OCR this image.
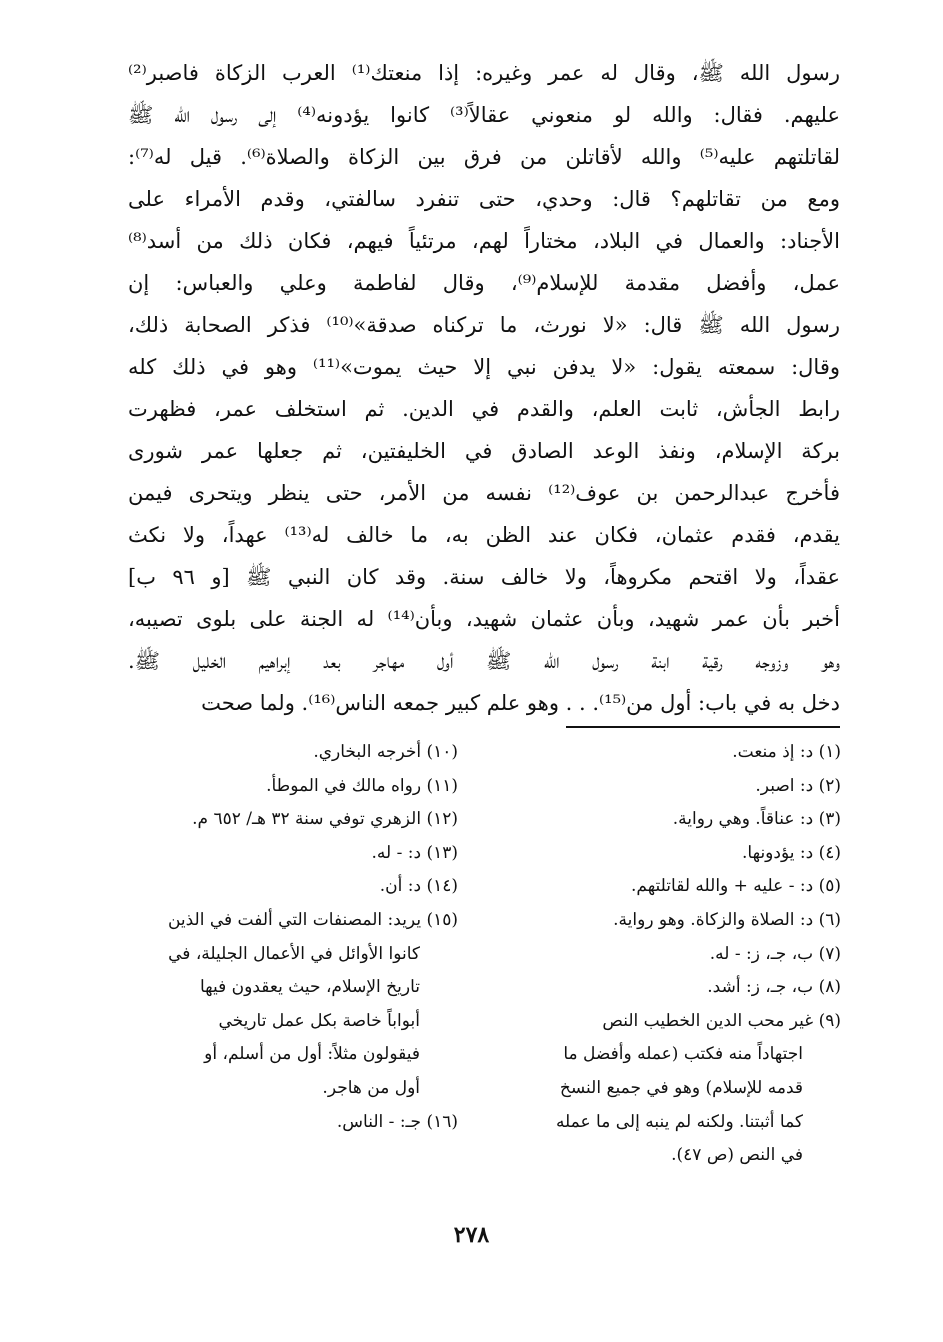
رسول الله ﷺ، وقال له عمر وغيره: إذا منعتك⁽¹⁾ العرب الزكاة فاصبر⁽²⁾
عليهم. فقال: والله لو منعوني عقالاً⁽³⁾ كانوا يؤدونه⁽⁴⁾ إلى رسول الله ﷺ
لقاتلتهم عليه⁽⁵⁾ والله لأقاتلن من فرق بين الزكاة والصلاة⁽⁶⁾. قيل له⁽⁷⁾:
ومع من تقاتلهم؟ قال: وحدي، حتى تنفرد سالفتي، وقدم الأمراء على
الأجناد: والعمال في البلاد، مختاراً لهم، مرتئياً فيهم، فكان ذلك من أسد⁽⁸⁾
عمل، وأفضل مقدمة للإسلام⁽⁹⁾، وقال لفاطمة وعلي والعباس: إن
رسول الله ﷺ قال: «لا نورث، ما تركناه صدقة»⁽¹⁰⁾ فذكر الصحابة ذلك،
وقال: سمعته يقول: «لا يدفن نبي إلا حيث يموت»⁽¹¹⁾ وهو في ذلك كله
رابط الجأش، ثابت العلم، والقدم في الدين. ثم استخلف عمر، فظهرت
بركة الإسلام، ونفذ الوعد الصادق في الخليفتين، ثم جعلها عمر شورى
فأخرج عبدالرحمن بن عوف⁽¹²⁾ نفسه من الأمر، حتى ينظر ويتحرى فيمن
يقدم، فقدم عثمان، فكان عند الظن به، ما خالف له⁽¹³⁾ عهداً، ولا نكث
عقداً، ولا اقتحم مكروهاً، ولا خالف سنة. وقد كان النبي ﷺ [و ٩٦ ب]
أخبر بأن عمر شهيد، وبأن عثمان شهيد، وبأن⁽¹⁴⁾ له الجنة على بلوى تصيبه،
وهو وزوجه رقية ابنة رسول الله ﷺ أول مهاجر بعد إبراهيم الخليل ﷺ.
دخل به في باب: أول من⁽¹⁵⁾. . . وهو علم كبير جمعه الناس⁽¹⁶⁾. ولما صحت
(١) د: إذ منعت.
(٢) د: اصبر.
(٣) د: عناقاً. وهي رواية.
(٤) د: يؤدونها.
(٥) د: - عليه + والله لقاتلتهم.
(٦) د: الصلاة والزكاة. وهو رواية.
(٧) ب، جـ، ز: - له.
(٨) ب، جـ، ز: أشد.
(٩) غير محب الدين الخطيب النص
اجتهاداً منه فكتب (عمله وأفضل ما
قدمه للإسلام) وهو في جميع النسخ
كما أثبتنا. ولكنه لم ينبه إلى ما عمله
في النص (ص ٤٧).
(١٠) أخرجه البخاري.
(١١) رواه مالك في الموطأ.
(١٢) الزهري توفي سنة ٣٢ هـ/ ٦٥٢ م.
(١٣) د: - له.
(١٤) د: أن.
(١٥) يريد: المصنفات التي ألفت في الذين
كانوا الأوائل في الأعمال الجليلة، في
تاريخ الإسلام، حيث يعقدون فيها
أبواباً خاصة بكل عمل تاريخي
فيقولون مثلاً: أول من أسلم، أو
أول من هاجر.
(١٦) جـ: - الناس.
٢٧٨
